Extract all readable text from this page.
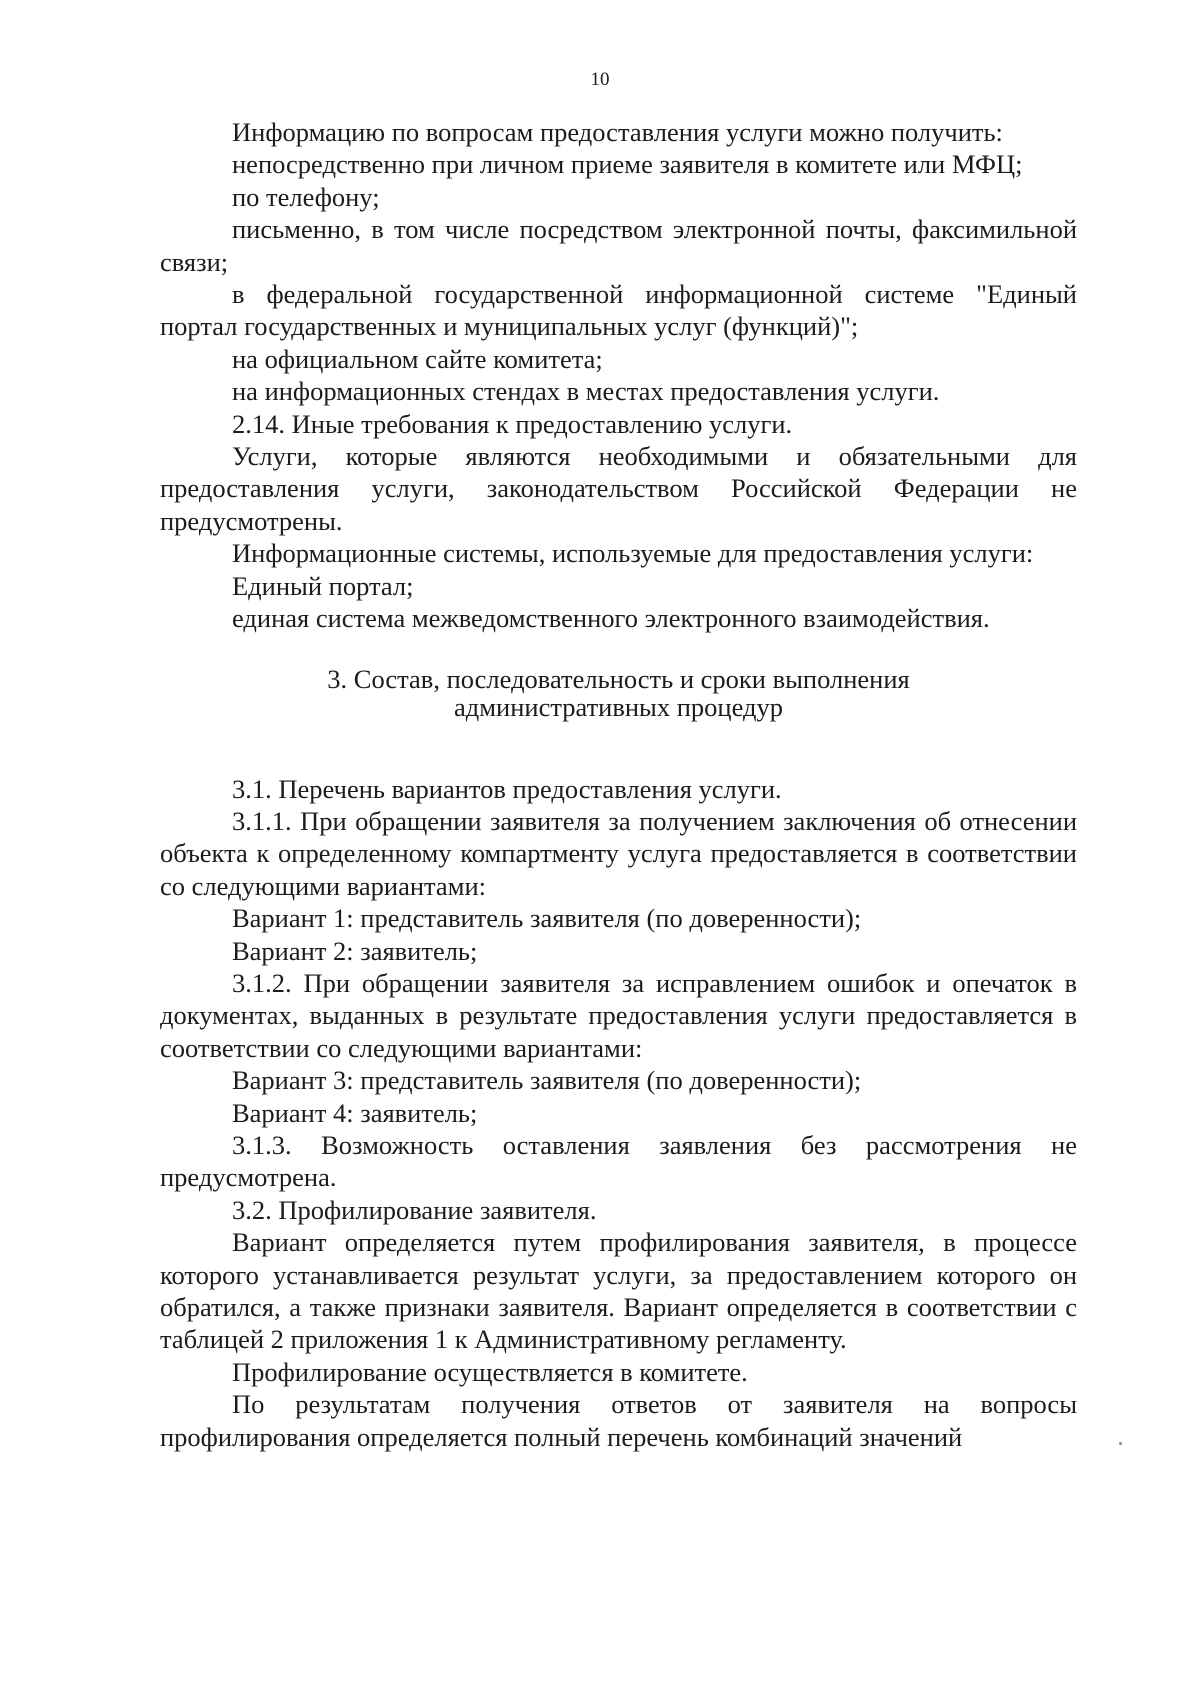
10

Информацию по вопросам предоставления услуги можно получить:

непосредственно при личном приеме заявителя в комитете или МФЦ;

по телефону;

письменно, в том числе посредством электронной почты, факсимильной связи;

в федеральной государственной информационной системе "Единый портал государственных и муниципальных услуг (функций)";

на официальном сайте комитета;

на информационных стендах в местах предоставления услуги.

2.14. Иные требования к предоставлению услуги.

Услуги, которые являются необходимыми и обязательными для предоставления услуги, законодательством Российской Федерации не предусмотрены.

Информационные системы, используемые для предоставления услуги:

Единый портал;

единая система межведомственного электронного взаимодействия.

3. Состав, последовательность и сроки выполнения
административных процедур

3.1. Перечень вариантов предоставления услуги.

3.1.1. При обращении заявителя за получением заключения об отнесении объекта к определенному компартменту услуга предоставляется в соответствии со следующими вариантами:

Вариант 1: представитель заявителя (по доверенности);

Вариант 2: заявитель;

3.1.2. При обращении заявителя за исправлением ошибок и опечаток в документах, выданных в результате предоставления услуги предоставляется в соответствии со следующими вариантами:

Вариант 3: представитель заявителя (по доверенности);

Вариант 4: заявитель;

3.1.3. Возможность оставления заявления без рассмотрения не предусмотрена.

3.2. Профилирование заявителя.

Вариант определяется путем профилирования заявителя, в процессе которого устанавливается результат услуги, за предоставлением которого он обратился, а также признаки заявителя. Вариант определяется в соответствии с таблицей 2 приложения 1 к Административному регламенту.

Профилирование осуществляется в комитете.

По результатам получения ответов от заявителя на вопросы профилирования определяется полный перечень комбинаций значений
